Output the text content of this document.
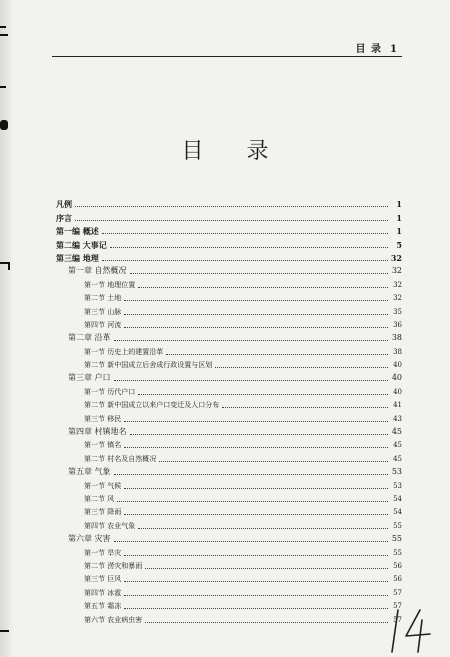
目 录 1
目 录
凡例	1
序言	1
第一编 概述	1
第二编 大事记	5
第三编 地理	32
第一章 自然概况	32
第一节 地理位置	32
第二节 土地	32
第三节 山脉	35
第四节 河流	36
第二章 沿革	38
第一节 历史上的建置沿革	38
第二节 新中国成立后舍成行政设置与区划	40
第三章 户口	40
第一节 历代户口	40
第二节 新中国成立以来户口变迁及人口分布	41
第三节 移民	43
第四章 村镇地名	45
第一节 镇名	45
第二节 村名及自然概况	45
第五章 气象	53
第一节 气候	53
第二节 风	54
第三节 降雨	54
第四节 农业气象	55
第六章 灾害	55
第一节 旱灾	55
第二节 涝灾和暴雨	56
第三节 巨风	56
第四节 冰雹	57
第五节 霜冻	57
第六节 农业病虫害	57
